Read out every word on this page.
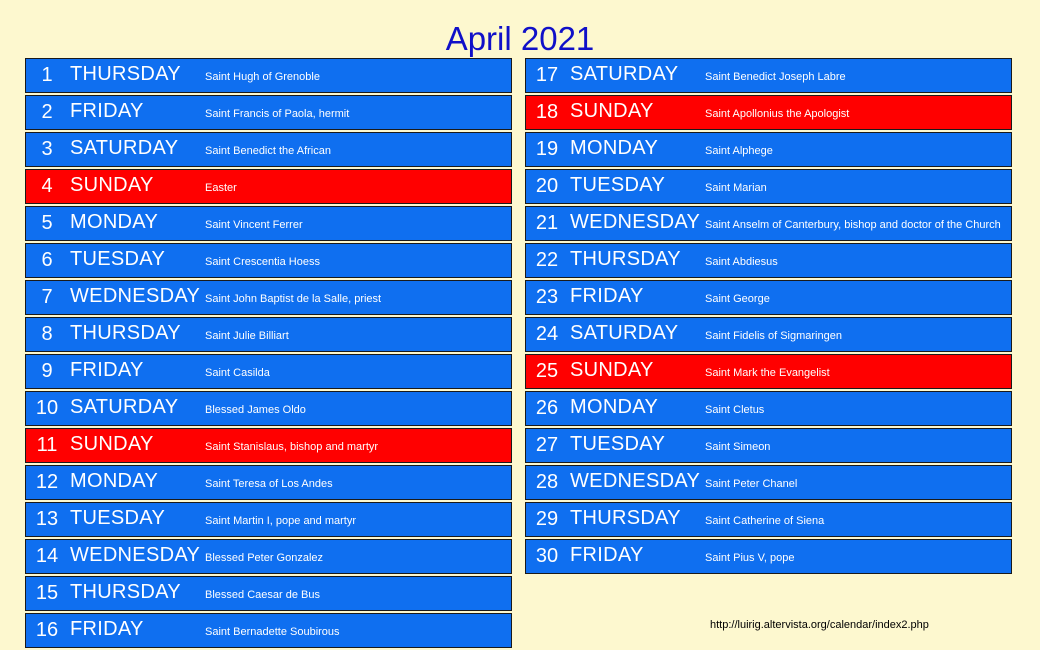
April 2021
1 THURSDAY Saint Hugh of Grenoble
2 FRIDAY	Saint Francis of Paola, hermit
3 SATURDAY Saint Benedict the African
4 SUNDAY	Easter
5 MONDAY	Saint Vincent Ferrer
6 TUESDAY	Saint Crescentia Hoess
7 WEDNESDAY Saint John Baptist de la Salle, priest
8 THURSDAY Saint Julie Billiart
9 FRIDAY	Saint Casilda
10 SATURDAY Blessed James Oldo
11 SUNDAY	Saint Stanislaus, bishop and martyr
12 MONDAY	Saint Teresa of Los Andes
13 TUESDAY	Saint Martin I, pope and martyr
14 WEDNESDAY Blessed Peter Gonzalez
15 THURSDAY Blessed Caesar de Bus
16 FRIDAY	Saint Bernadette Soubirous
17 SATURDAY Saint Benedict Joseph Labre
18 SUNDAY	Saint Apollonius the Apologist
19 MONDAY	Saint Alphege
20 TUESDAY	Saint Marian
21 WEDNESDAY Saint Anselm of Canterbury, bishop and doctor of the Church
22 THURSDAY Saint Abdiesus
23 FRIDAY	Saint George
24 SATURDAY Saint Fidelis of Sigmaringen
25 SUNDAY	Saint Mark the Evangelist
26 MONDAY	Saint Cletus
27 TUESDAY	Saint Simeon
28 WEDNESDAY Saint Peter Chanel
29 THURSDAY Saint Catherine of Siena
30 FRIDAY	Saint Pius V, pope
http://luirig.altervista.org/calendar/index2.php
